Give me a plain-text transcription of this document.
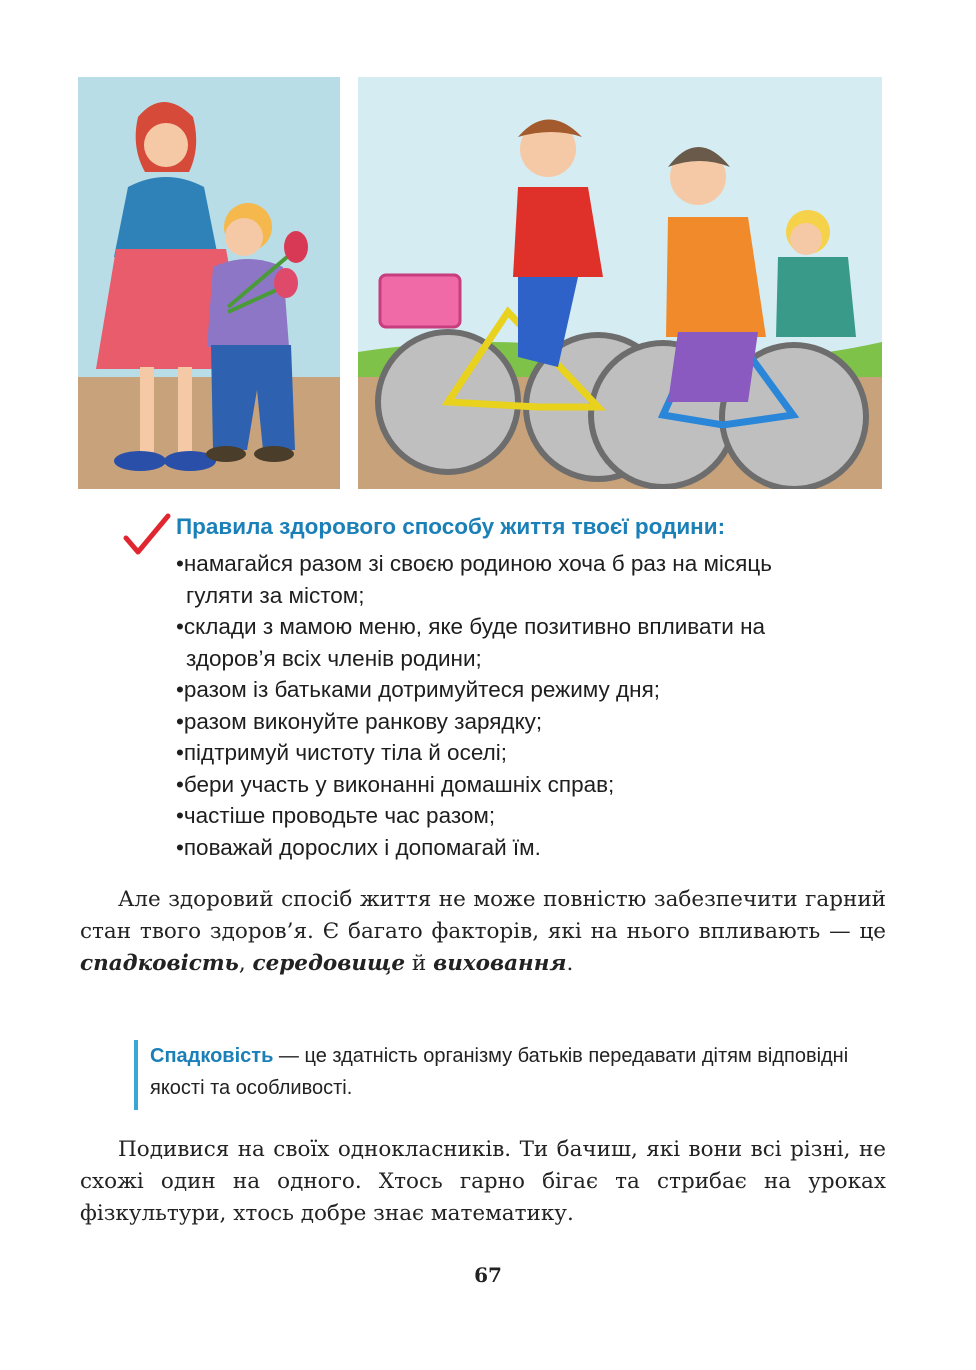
Правила здорового способу життя твоєї родини:
•намагайся разом зі своєю родиною хоча б раз на місяць
гуляти за містом;
•склади з мамою меню, яке буде позитивно впливати на
здоров’я всіх членів родини;
•разом із батьками дотримуйтеся режиму дня;
•разом виконуйте ранкову зарядку;
•підтримуй чистоту тіла й оселі;
•бери участь у виконанні домашніх справ;
•частіше проводьте час разом;
•поважай дорослих і допомагай їм.
Але здоровий спосіб життя не може повністю забезпечити гарний стан твого здоров’я. Є багато факторів, які на нього впливають — це спадковість, середовище й виховання.
Спадковість — це здатність організму батьків передавати дітям відповідні якості та особливості.
Подивися на своїх однокласників. Ти бачиш, які вони всі різні, не схожі один на одного. Хтось гарно бігає та стрибає на уроках фізкультури, хтось добре знає математику.
67
